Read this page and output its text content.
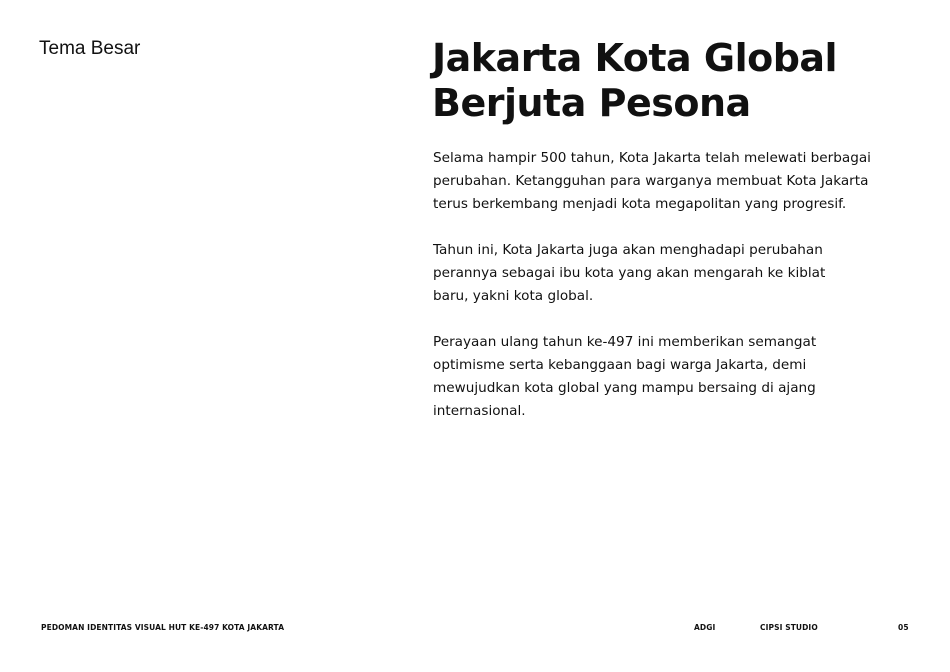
Tema Besar	Jakarta Kota Global
Berjuta Pesona

Selama hampir 500 tahun, Kota Jakarta telah melewati berbagai
perubahan. Ketangguhan para warganya membuat Kota Jakarta
terus berkembang menjadi kota megapolitan yang progresif.

Tahun ini, Kota Jakarta juga akan menghadapi perubahan
perannya sebagai ibu kota yang akan mengarah ke kiblat
baru, yakni kota global.

Perayaan ulang tahun ke-497 ini memberikan semangat
optimisme serta kebanggaan bagi warga Jakarta, demi
mewujudkan kota global yang mampu bersaing di ajang
internasional.

PEDOMAN IDENTITAS VISUAL HUT KE-497 KOTA JAKARTA	ADGI	CIPSI STUDIO	05
